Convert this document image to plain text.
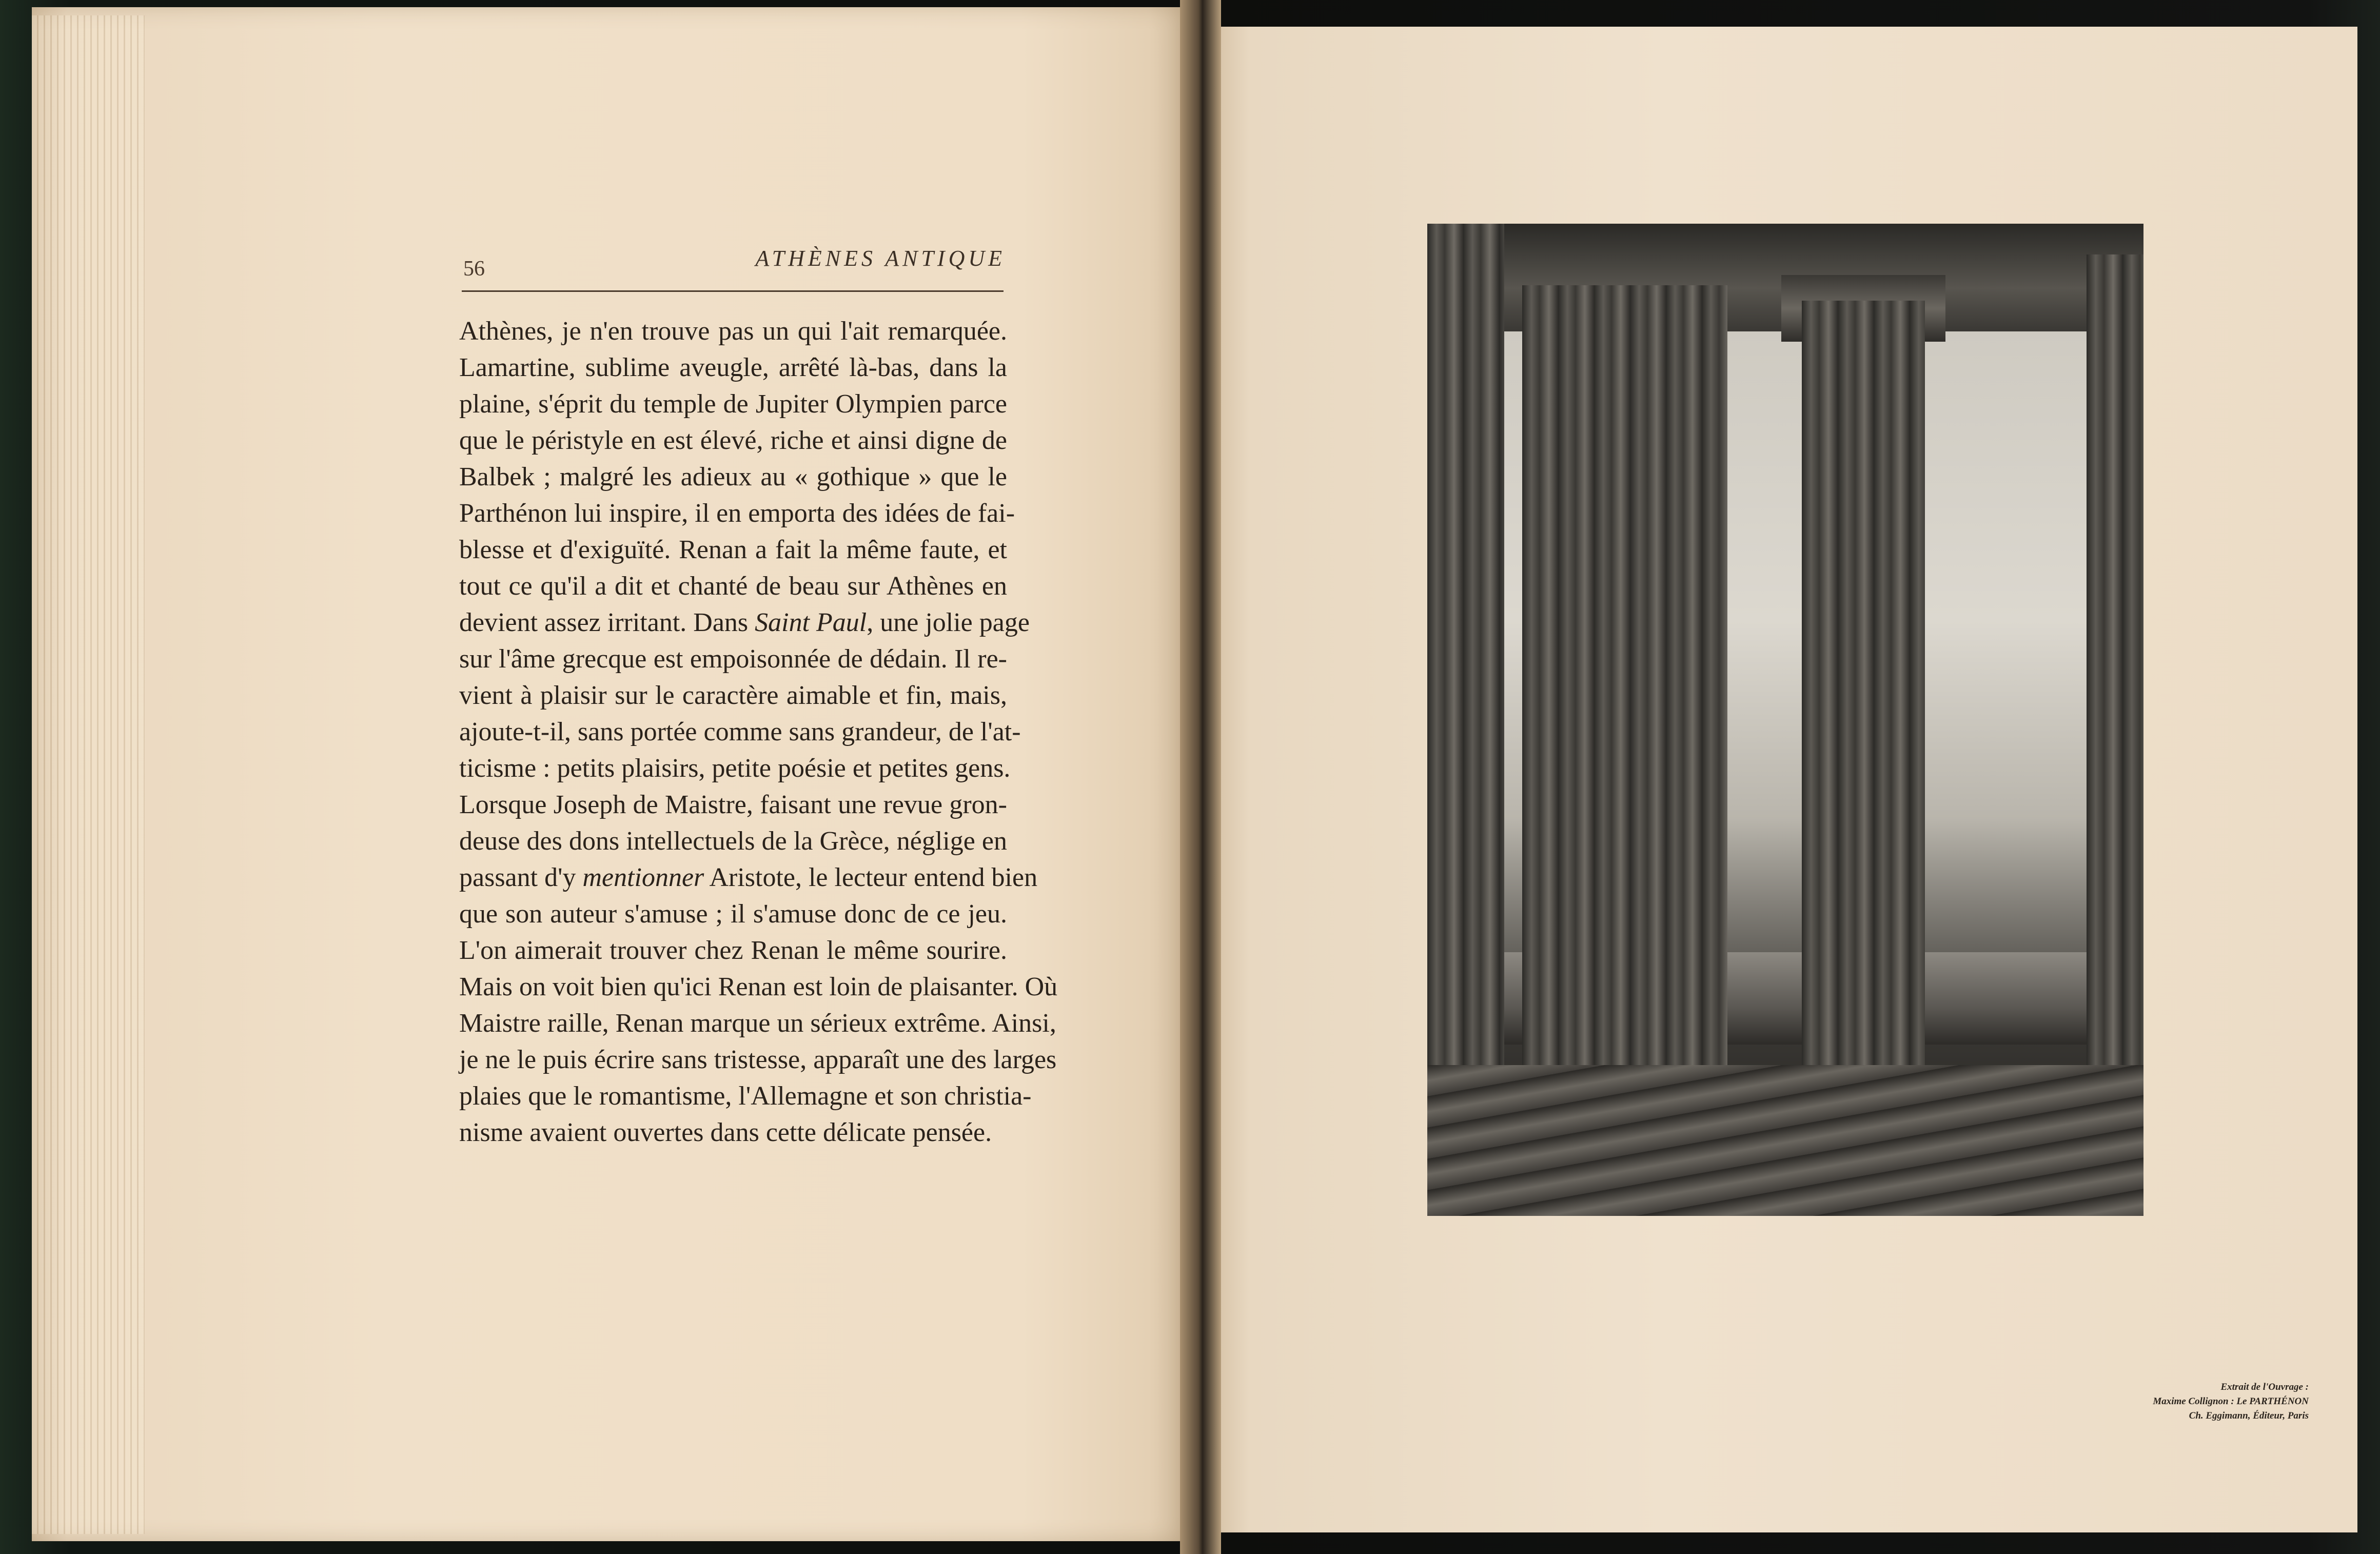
56	ATHÈNES ANTIQUE
Athènes, je n'en trouve pas un qui l'ait remarquée.
Lamartine, sublime aveugle, arrêté là-bas, dans la
plaine, s'éprit du temple de Jupiter Olympien parce
que le péristyle en est élevé, riche et ainsi digne de
Balbek ; malgré les adieux au « gothique » que le
Parthénon lui inspire, il en emporta des idées de fai-
blesse et d'exiguïté. Renan a fait la même faute, et
tout ce qu'il a dit et chanté de beau sur Athènes en
devient assez irritant. Dans Saint Paul, une jolie page
sur l'âme grecque est empoisonnée de dédain. Il re-
vient à plaisir sur le caractère aimable et fin, mais,
ajoute-t-il, sans portée comme sans grandeur, de l'at-
ticisme : petits plaisirs, petite poésie et petites gens.
Lorsque Joseph de Maistre, faisant une revue gron-
deuse des dons intellectuels de la Grèce, néglige en
passant d'y mentionner Aristote, le lecteur entend bien
que son auteur s'amuse ; il s'amuse donc de ce jeu.
L'on aimerait trouver chez Renan le même sourire.
Mais on voit bien qu'ici Renan est loin de plaisanter. Où
Maistre raille, Renan marque un sérieux extrême. Ainsi,
je ne le puis écrire sans tristesse, apparaît une des larges
plaies que le romantisme, l'Allemagne et son christia-
nisme avaient ouvertes dans cette délicate pensée.
Extrait de l'Ouvrage :
Maxime Collignon : Le PARTHÉNON
Ch. Eggimann, Éditeur, Paris
